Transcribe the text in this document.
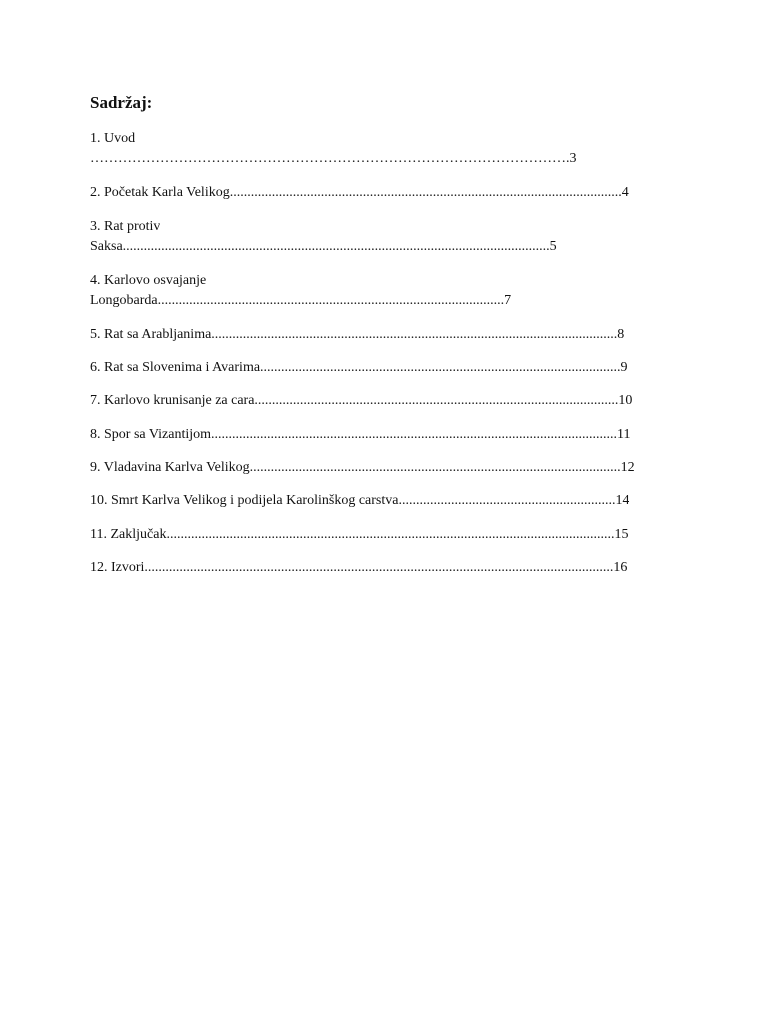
Sadržaj:
1. Uvod
………………………………………………………………………………………….3
2. Početak Karla Velikog................................................................................................................4
3. Rat protiv
Saksa..........................................................................................................................5
4. Karlovo osvajanje
Longobarda...................................................................................................7
5. Rat sa Arabljanima....................................................................................................................8
6. Rat sa Slovenima i Avarima.......................................................................................................9
7. Karlovo krunisanje za cara........................................................................................................10
8. Spor sa Vizantijom....................................................................................................................11
9. Vladavina Karlva Velikog..........................................................................................................12
10. Smrt Karlva Velikog i podijela Karolinškog carstva..............................................................14
11. Zaključak................................................................................................................................15
12. Izvori......................................................................................................................................16
